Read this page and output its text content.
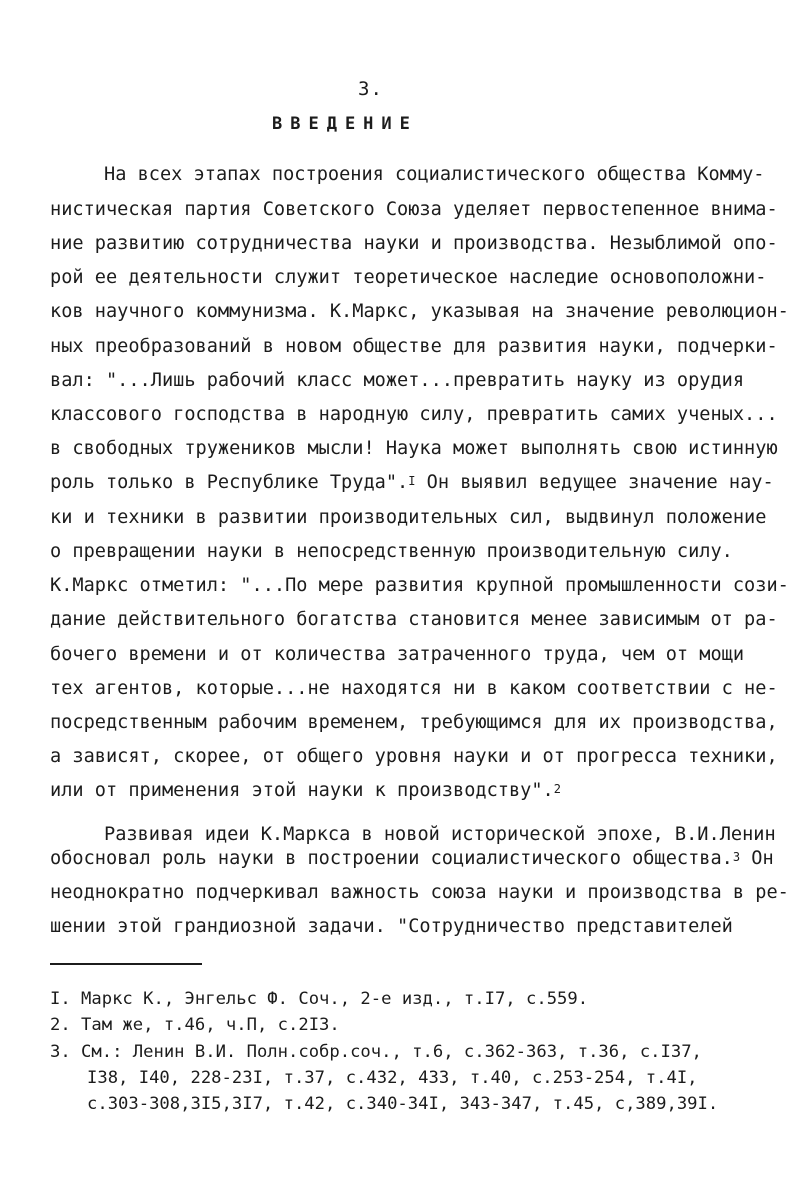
3.
ВВЕДЕНИЕ
На всех этапах построения социалистического общества Комму-
нистическая партия Советского Союза уделяет первостепенное внима-
ние развитию сотрудничества науки и производства. Незыблимой опо-
рой ее деятельности служит теоретическое наследие основоположни-
ков научного коммунизма. К.Маркс, указывая на значение революцион-
ных преобразований в новом обществе для развития науки, подчерки-
вал: "...Лишь рабочий класс может...превратить науку из орудия
классового господства в народную силу, превратить самих ученых...
в свободных тружеников мысли! Наука может выполнять свою истинную
роль только в Республике Труда".$^I$ Он выявил ведущее значение нау-
ки и техники в развитии производительных сил, выдвинул положение
о превращении науки в непосредственную производительную силу.
К.Маркс отметил: "...По мере развития крупной промышленности сози-
дание действительного богатства становится менее зависимым от ра-
бочего времени и от количества затраченного труда, чем от мощи
тех агентов, которые...не находятся ни в каком соответствии с не-
посредственным рабочим временем, требующимся для их производства,
а зависят, скорее, от общего уровня науки и от прогресса техники,
или от применения этой науки к производству".$^2$
Развивая идеи К.Маркса в новой исторической эпохе, В.И.Ленин
обосновал роль науки в построении социалистического общества.$^3$ Он
неоднократно подчеркивал важность союза науки и производства в ре-
шении этой грандиозной задачи. "Сотрудничество представителей
I. Маркс К., Энгельс Ф. Соч., 2-е изд., т.I7, с.559.
2. Там же, т.46, ч.П, с.2I3.
3. См.: Ленин В.И. Полн.собр.соч., т.6, с.362-363, т.36, с.I37,
I38, I40, 228-23I, т.37, с.432, 433, т.40, с.253-254, т.4I,
с.303-308,3I5,3I7, т.42, с.340-34I, 343-347, т.45, с,389,39I.
